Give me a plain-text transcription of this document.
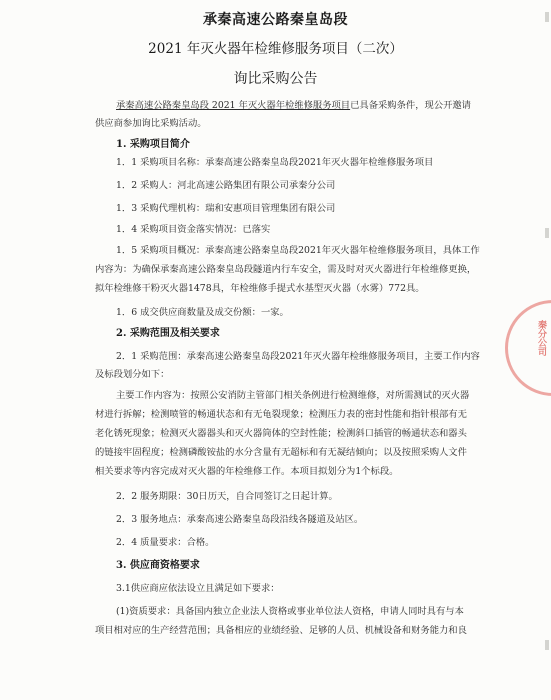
承秦高速公路秦皇岛段
2021 年灭火器年检维修服务项目（二次）
询比采购公告
承秦高速公路秦皇岛段 2021 年灭火器年检维修服务项目已具备采购条件，现公开邀请
供应商参加询比采购活动。
1. 采购项目简介
1．1 采购项目名称：承秦高速公路秦皇岛段2021年灭火器年检维修服务项目
1．2 采购人：河北高速公路集团有限公司承秦分公司
1．3 采购代理机构：瑞和安惠项目管理集团有限公司
1．4 采购项目资金落实情况：已落实
1．5 采购项目概况：承秦高速公路秦皇岛段2021年灭火器年检维修服务项目，具体工作
内容为：为确保承秦高速公路秦皇岛段隧道内行车安全，需及时对灭火器进行年检维修更换，
拟年检维修干粉灭火器1478具，年检维修手提式水基型灭火器（水雾）772具。
1．6 成交供应商数量及成交份额：一家。
2. 采购范围及相关要求
2．1 采购范围：承秦高速公路秦皇岛段2021年灭火器年检维修服务项目，主要工作内容
及标段划分如下：
主要工作内容为：按照公安消防主管部门相关条例进行检测维修，对所需测试的灭火器
材进行拆解；检测喷管的畅通状态和有无龟裂现象；检测压力表的密封性能和指针根部有无
老化锈死现象；检测灭火器器头和灭火器筒体的空封性能；检测斜口插管的畅通状态和器头
的链接牢固程度；检测磷酸铵盐的水分含量有无超标和有无凝结倾向；以及按照采购人文件
相关要求等内容完成对灭火器的年检维修工作。本项目拟划分为1个标段。
2．2 服务期限：30日历天，自合同签订之日起计算。
2．3 服务地点：承秦高速公路秦皇岛段沿线各隧道及站区。
2．4 质量要求：合格。
3. 供应商资格要求
3.1供应商应依法设立且满足如下要求：
(1)资质要求：具备国内独立企业法人资格或事业单位法人资格，申请人同时具有与本
项目相对应的生产经营范围；具备相应的业绩经验、足够的人员、机械设备和财务能力和良
秦分公司
